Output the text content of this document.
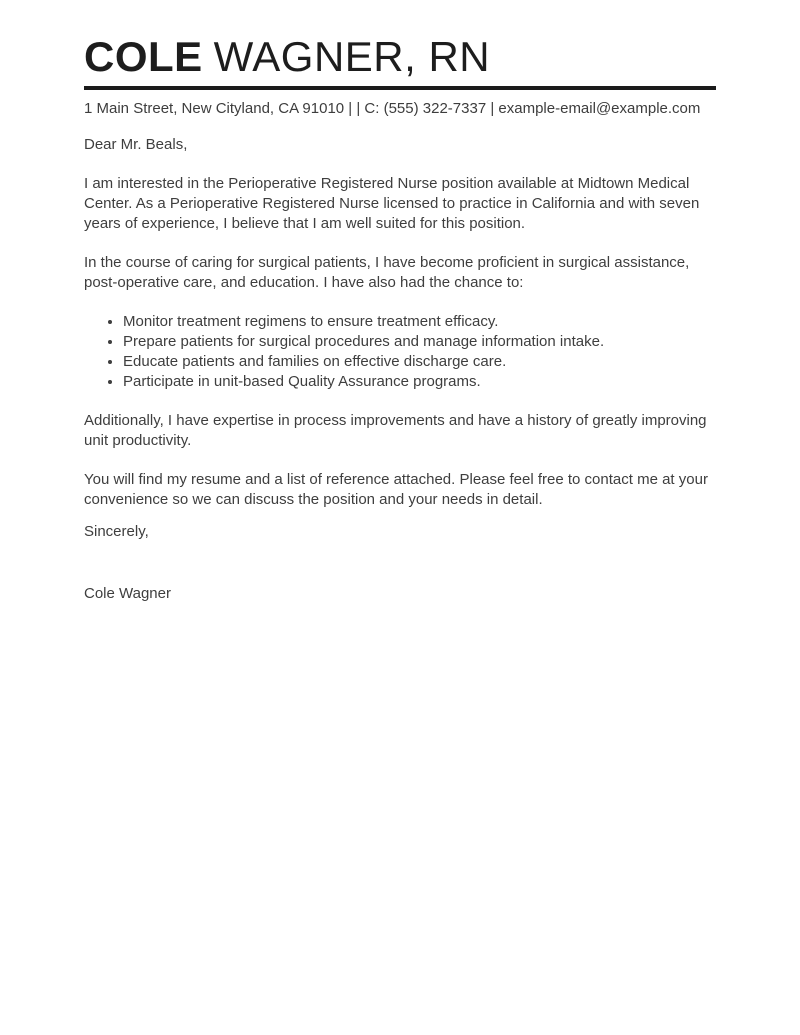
COLE WAGNER, RN
1 Main Street, New Cityland, CA 91010 | | C: (555) 322-7337 | example-email@example.com

Dear Mr. Beals,

I am interested in the Perioperative Registered Nurse position available at Midtown Medical Center. As a Perioperative Registered Nurse licensed to practice in California and with seven years of experience, I believe that I am well suited for this position.

In the course of caring for surgical patients, I have become proficient in surgical assistance, post-operative care, and education. I have also had the chance to:

• Monitor treatment regimens to ensure treatment efficacy.
• Prepare patients for surgical procedures and manage information intake.
• Educate patients and families on effective discharge care.
• Participate in unit-based Quality Assurance programs.

Additionally, I have expertise in process improvements and have a history of greatly improving unit productivity.

You will find my resume and a list of reference attached. Please feel free to contact me at your convenience so we can discuss the position and your needs in detail.

Sincerely,

Cole Wagner
